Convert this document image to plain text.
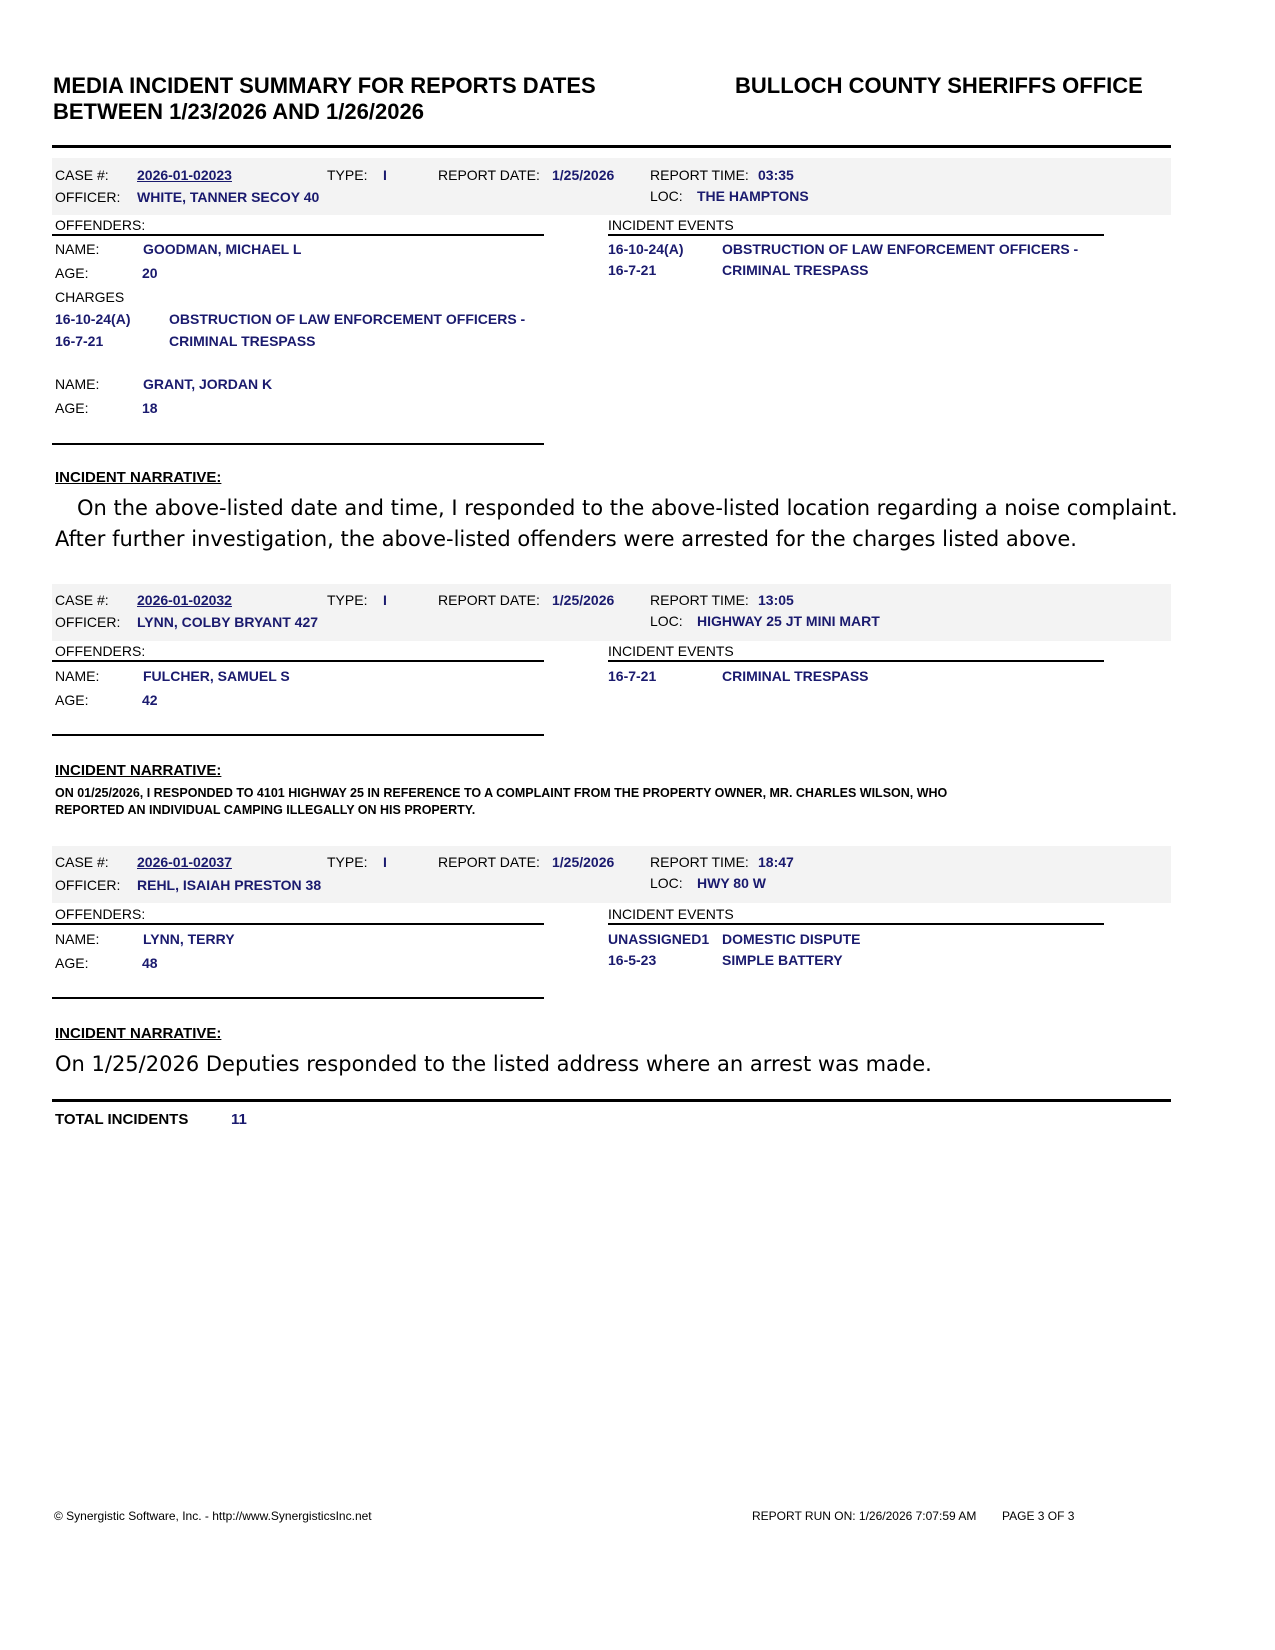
MEDIA INCIDENT SUMMARY FOR REPORTS DATES
BETWEEN 1/23/2026 AND 1/26/2026
BULLOCH COUNTY SHERIFFS OFFICE
CASE #: 2026-01-02023	TYPE: I	REPORT DATE: 1/25/2026	REPORT TIME: 03:35
OFFICER: WHITE, TANNER SECOY 40	LOC: THE HAMPTONS
OFFENDERS:	INCIDENT EVENTS
NAME:	GOODMAN, MICHAEL L
AGE:	20
CHARGES
16-10-24(A)	OBSTRUCTION OF LAW ENFORCEMENT OFFICERS -
16-7-21	CRIMINAL TRESPASS
NAME:	GRANT, JORDAN K
AGE:	18
16-10-24(A)	OBSTRUCTION OF LAW ENFORCEMENT OFFICERS -
16-7-21	CRIMINAL TRESPASS
INCIDENT NARRATIVE:
On the above-listed date and time, I responded to the above-listed location regarding a noise complaint.
After further investigation, the above-listed offenders were arrested for the charges listed above.
CASE #: 2026-01-02032	TYPE: I	REPORT DATE: 1/25/2026	REPORT TIME: 13:05
OFFICER: LYNN, COLBY BRYANT 427	LOC: HIGHWAY 25 JT MINI MART
OFFENDERS:	INCIDENT EVENTS
NAME:	FULCHER, SAMUEL S
AGE:	42
16-7-21	CRIMINAL TRESPASS
INCIDENT NARRATIVE:
ON 01/25/2026, I RESPONDED TO 4101 HIGHWAY 25 IN REFERENCE TO A COMPLAINT FROM THE PROPERTY OWNER, MR. CHARLES WILSON, WHO
REPORTED AN INDIVIDUAL CAMPING ILLEGALLY ON HIS PROPERTY.
CASE #: 2026-01-02037	TYPE: I	REPORT DATE: 1/25/2026	REPORT TIME: 18:47
OFFICER: REHL, ISAIAH PRESTON 38	LOC: HWY 80 W
OFFENDERS:	INCIDENT EVENTS
NAME:	LYNN, TERRY
AGE:	48
UNASSIGNED1 DOMESTIC DISPUTE
16-5-23	SIMPLE BATTERY
INCIDENT NARRATIVE:
On 1/25/2026 Deputies responded to the listed address where an arrest was made.
TOTAL INCIDENTS	11
© Synergistic Software, Inc. - http://www.SynergisticsInc.net	REPORT RUN ON: 1/26/2026 7:07:59 AM PAGE 3 OF 3
